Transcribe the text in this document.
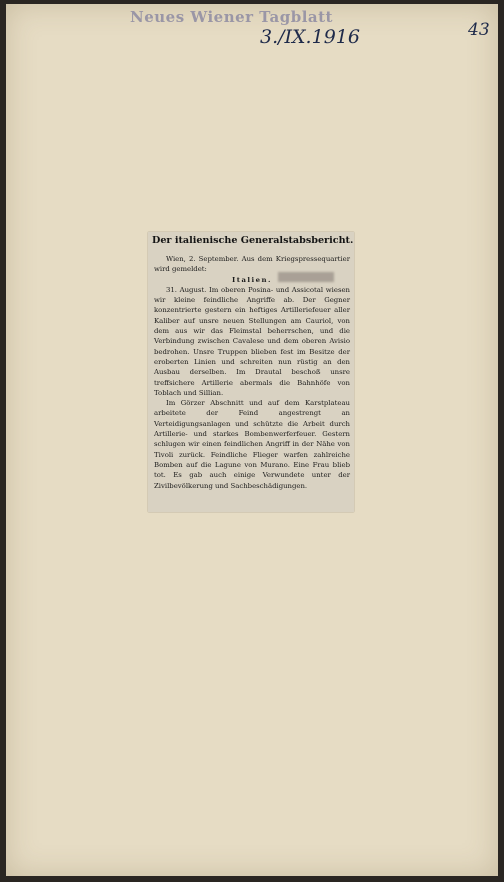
Neues Wiener Tagblatt
3./IX.1916	43
Der italienische Generalstabsbericht.

Wien, 2. September. Aus dem Kriegspressequartier wird gemeldet:

Italien.

31. August. Im oberen Posina- und Assicotal wiesen wir kleine feindliche Angriffe ab. Der Gegner konzentrierte gestern ein heftiges Artilleriefeuer aller Kaliber auf unsre neuen Stellungen am Cauriol, von dem aus wir das Fleimstal beherrschen, und die Verbindung zwischen Cavalese und dem oberen Avisio bedrohen. Unsre Truppen blieben fest im Besitze der eroberten Linien und schreiten nun rüstig an den Ausbau derselben. Im Drautal beschoß unsre treffsichere Artillerie abermals die Bahnhöfe von Toblach und Sillian.

Im Görzer Abschnitt und auf dem Karstplateau arbeitete der Feind angestrengt an Verteidigungsanlagen und schützte die Arbeit durch Artillerie- und starkes Bombenwerferfeuer. Gestern schlugen wir einen feindlichen Angriff in der Nähe von Tivoli zurück. Feindliche Flieger warfen zahlreiche Bomben auf die Lagune von Murano. Eine Frau blieb tot. Es gab auch einige Verwundete unter der Zivilbevölkerung und Sachbeschädigungen.
